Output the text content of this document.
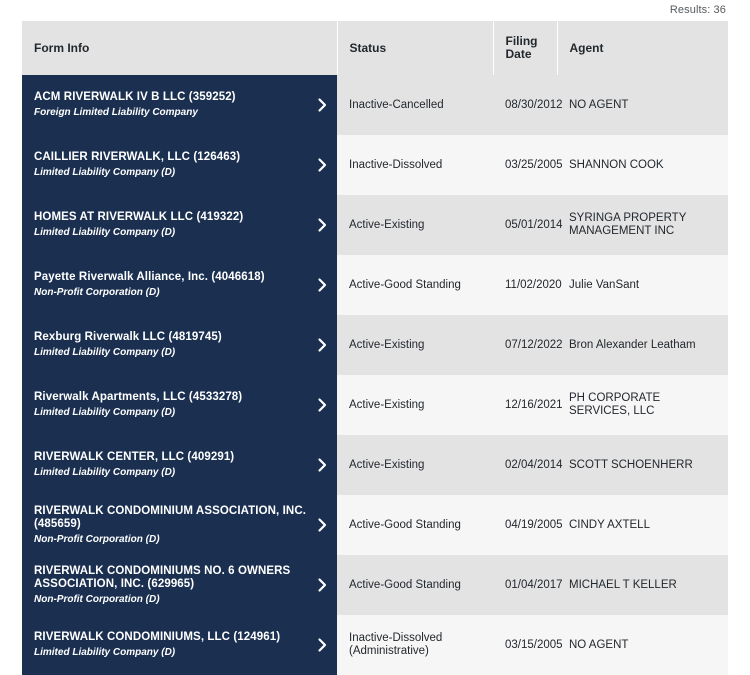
Results: 36
Form Info	Status	Filing
Date	Agent

ACM RIVERWALK IV B LLC (359252)
Foreign Limited Liability Company	Inactive-Cancelled	08/30/2012	NO AGENT

CAILLIER RIVERWALK, LLC (126463)
Limited Liability Company (D)	Inactive-Dissolved	03/25/2005	SHANNON COOK

HOMES AT RIVERWALK LLC (419322)
Limited Liability Company (D)	Active-Existing	05/01/2014	SYRINGA PROPERTY MANAGEMENT INC

Payette Riverwalk Alliance, Inc. (4046618)
Non-Profit Corporation (D)	Active-Good Standing	11/02/2020	Julie VanSant

Rexburg Riverwalk LLC (4819745)
Limited Liability Company (D)	Active-Existing	07/12/2022	Bron Alexander Leatham

Riverwalk Apartments, LLC (4533278)
Limited Liability Company (D)	Active-Existing	12/16/2021	PH CORPORATE SERVICES, LLC

RIVERWALK CENTER, LLC (409291)
Limited Liability Company (D)	Active-Existing	02/04/2014	SCOTT SCHOENHERR

RIVERWALK CONDOMINIUM ASSOCIATION, INC. (485659)
Non-Profit Corporation (D)	Active-Good Standing	04/19/2005	CINDY AXTELL

RIVERWALK CONDOMINIUMS NO. 6 OWNERS ASSOCIATION, INC. (629965)
Non-Profit Corporation (D)	Active-Good Standing	01/04/2017	MICHAEL T KELLER

RIVERWALK CONDOMINIUMS, LLC (124961)
Limited Liability Company (D)	Inactive-Dissolved (Administrative)	03/15/2005	NO AGENT
